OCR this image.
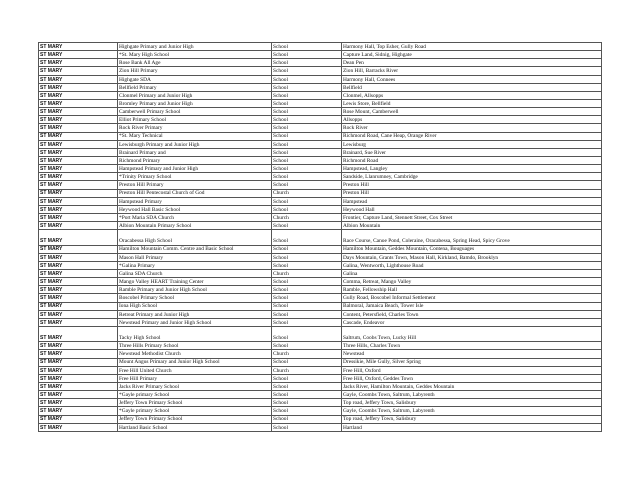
ST MARY	Highgate Primary and Junior High	School	Harmony Hall, Top Esher, Gully Road
ST MARY	*St. Mary High School	School	Capture Land, Sidnig, Highgate
ST MARY	Rose Bank All Age	School	Dean Pen
ST MARY	Zion Hill Primary	School	Zion Hill, Barracks River
ST MARY	Highgate SDA	School	Harmony Hall, Connees
ST MARY	Bellfield Primary	School	Bellfield
ST MARY	Clonmel Primary and Junior High	School	Clonmel, Allsopps
ST MARY	Bromley Primary and Junior High	School	Lewis Store, Bellfield
ST MARY	Camberwell Primary School	School	Rose Mount, Camberwell
ST MARY	Elliot Primary School	School	Allsopps
ST MARY	Rock River Primary	School	Rock River
ST MARY	*St. Mary Technical	School	Richmond Road, Cane Heap, Orange River
ST MARY	Lewisburgh Primary and Junior High	School	Lewisburg
ST MARY	Brainard Primary and	School	Brainard, Sue River
ST MARY	Richmond Primary	School	Richmond Road
ST MARY	Hampstead Primary and Junior High	School	Hampstead, Langley
ST MARY	*Trinity Primary School	School	Sandside, Llanrumney, Cambridge
ST MARY	Preston Hill Primary	School	Preston Hill
ST MARY	Preston Hill Pentecostal Church of God	Church	Preston Hill
ST MARY	Hampstead Primary	School	Hampstead
ST MARY	Heywood Hall Basic School	School	Heywood Hall
ST MARY	*Port Maria SDA Church	Church	Frontier, Capture Land, Stennett Street, Cox Street
ST MARY	Albion Mountain Primary School	School	Albion Mountain
ST MARY	Oracabessa High School	School	Race Course, Canoe Pond, Coleraine, Oracabessa, Spring Head, Spicy Grove
ST MARY	Hamilton Mountain Comm. Centre and Basic School	School	Hamilton Mountain, Geddes Mountain, Contena, Bouguages
ST MARY	Mason Hall Primary	School	Days Mountain, Grants Town, Mason Hall, Kirkland, Bamdo, Brooklyn
ST MARY	*Galina Primary	School	Galina, Wentworth, Lighthouse Road
ST MARY	Galina SDA Church	Church	Galina
ST MARY	Mango Valley HEART Training Center	School	Comma, Retreat, Mango Valley
ST MARY	Ramble Primary and Junior High School	School	Ramble, Fellowship Hall
ST MARY	Boscobel Primary School	School	Gully Road, Boscobel Informal Settlement
ST MARY	Iona High School	School	Balmoral, Jamaica Beach, Tower Isle
ST MARY	Retreat Primary and Junior High	School	Content, Petersfield, Charles Town
ST MARY	Newstead Primary and Junior High School	School	Cascade, Endeavor
ST MARY	Tacky High School	School	Saltrum, Coobs Town, Lucky Hill
ST MARY	Three Hills Primary School	School	Three Hills, Charles Town
ST MARY	Newstead Methodist Church	Church	Newstead
ST MARY	Mount Angus Primary and Junior High School	School	Dressikie, Mile Gully, Silver Spring
ST MARY	Free Hill United Church	Church	Free Hill, Oxford
ST MARY	Free Hill Primary	School	Free Hill, Oxford, Geddes Town
ST MARY	Jacks River Primary School	School	Jacks River, Hamilton Mountain, Geddes Mountain
ST MARY	*Gayle primary School	School	Gayle, Coombs Town, Saltrum, Labyrenth
ST MARY	Jeffery Town Primary School	School	Top road, Jeffery Town, Salisbury
ST MARY	*Gayle primary School	School	Gayle, Coombs Town, Saltrum, Labyrenth
ST MARY	Jeffery Town Primary School	School	Top road, Jeffery Town, Salisbury
ST MARY	Hartland Basic School	School	Hartland
